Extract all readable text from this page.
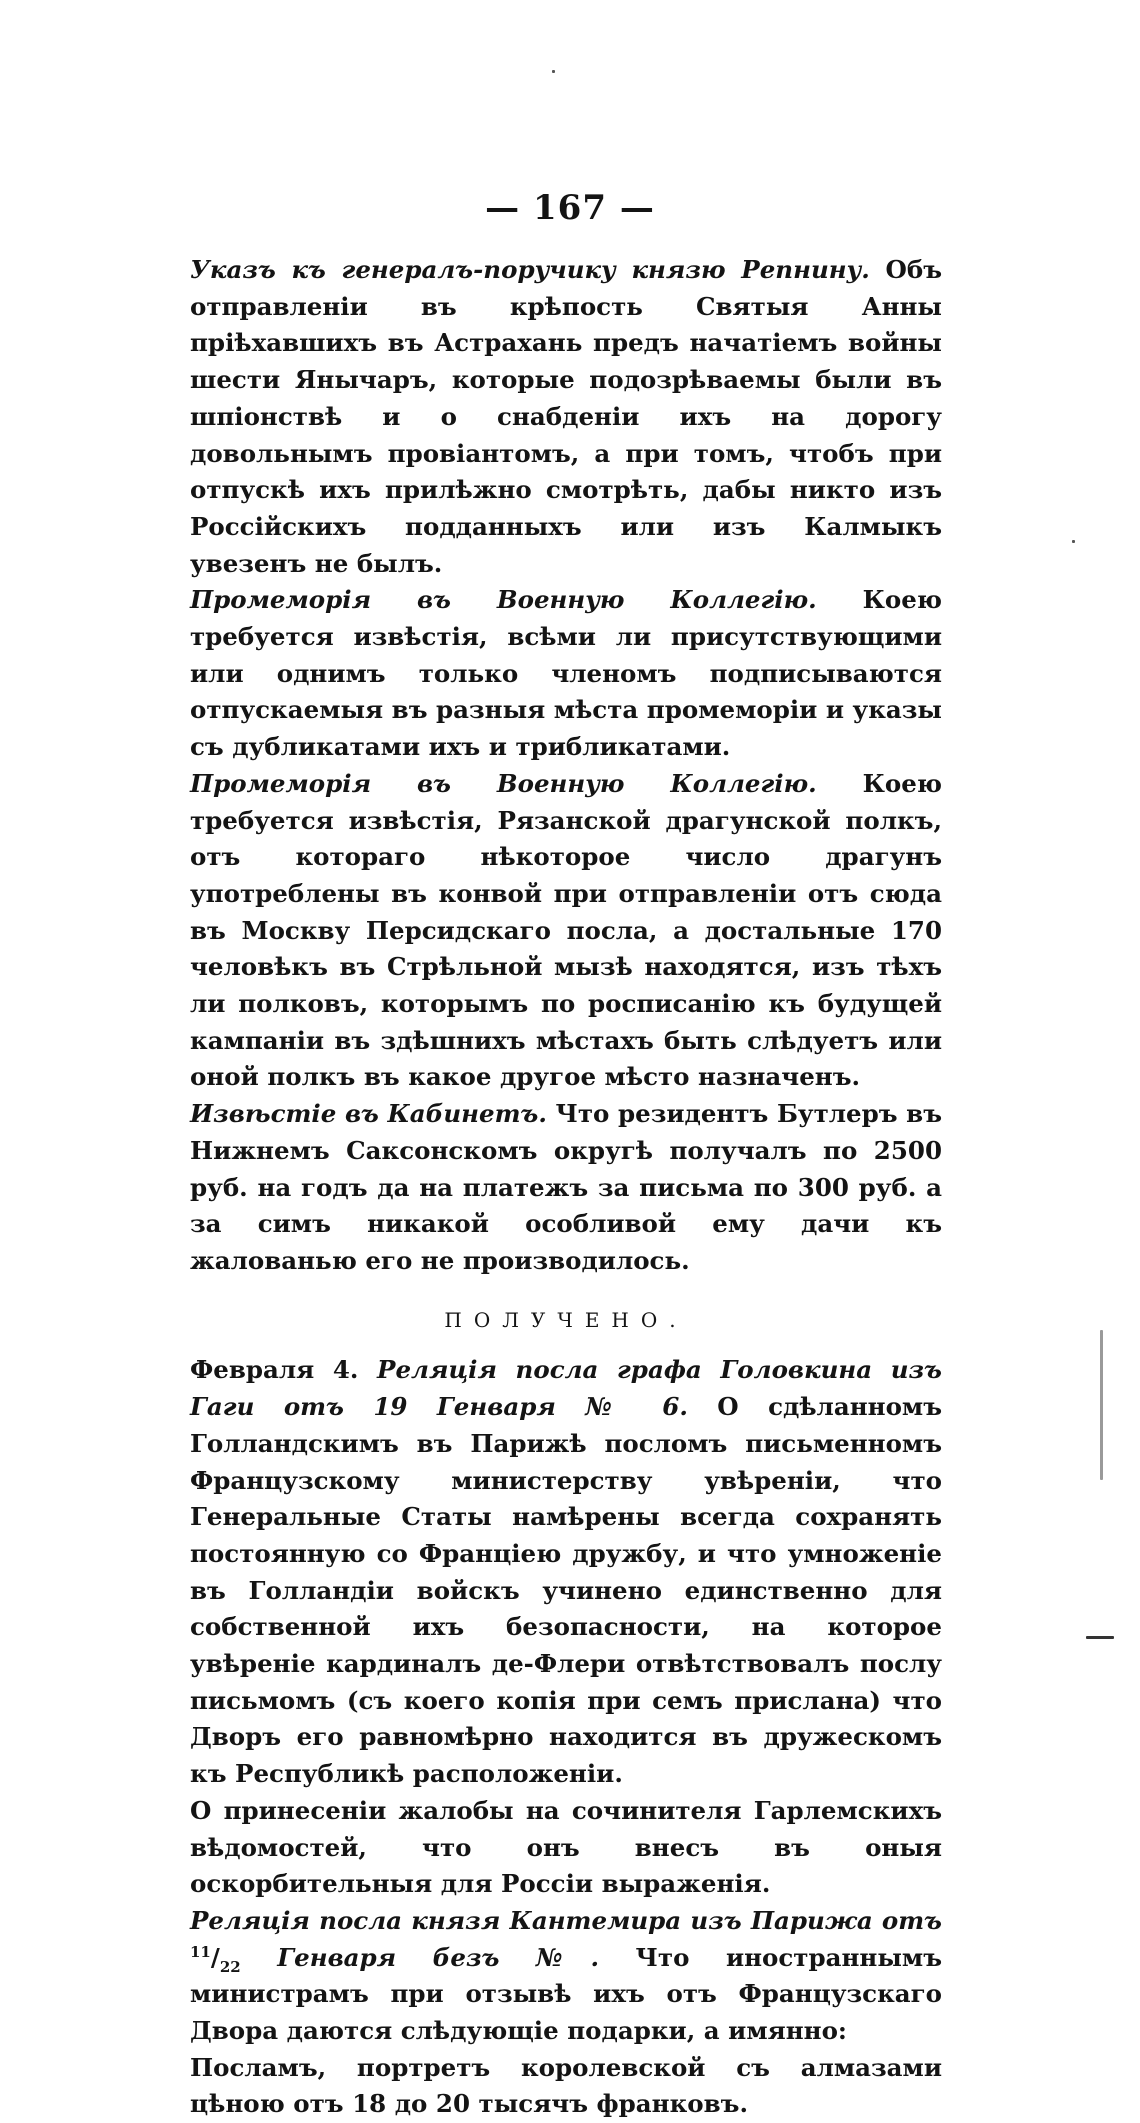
— 167 —

Указъ къ генералъ-поручику князю Репнину. Объ отправленіи въ крѣпость Святыя Анны пріѣхавшихъ въ Астрахань предъ начатіемъ войны шести Янычаръ, которые подозрѣваемы были въ шпіонствѣ и о снабденіи ихъ на дорогу довольнымъ провіантомъ, а при томъ, чтобъ при отпускѣ ихъ прилѣжно смотрѣть, дабы никто изъ Россійскихъ подданныхъ или изъ Калмыкъ увезенъ не былъ.

Промеморія въ Военную Коллегію. Коею требуется извѣстія, всѣми ли присутствующими или однимъ только членомъ подписываются отпускаемыя въ разныя мѣста промеморіи и указы съ дубликатами ихъ и трибликатами.

Промеморія въ Военную Коллегію. Коею требуется извѣстія, Рязанской драгунской полкъ, отъ котораго нѣкоторое число драгунъ употреблены въ конвой при отправленіи отъ сюда въ Москву Персидскаго посла, а достальные 170 человѣкъ въ Стрѣльной мызѣ находятся, изъ тѣхъ ли полковъ, которымъ по росписанію къ будущей кампаніи въ здѣшнихъ мѣстахъ быть слѣдуетъ или оной полкъ въ какое другое мѣсто назначенъ.

Извѣстіе въ Кабинетъ. Что резидентъ Бутлеръ въ Нижнемъ Саксонскомъ округѣ получалъ по 2500 руб. на годъ да на платежъ за письма по 300 руб. а за симъ никакой особливой ему дачи къ жалованью его не производилось.

ПОЛУЧЕНО.

Февраля 4. Реляція посла графа Головкина изъ Гаги отъ 19 Генваря № 6. О сдѣланномъ Голландскимъ въ Парижѣ посломъ письменномъ Французскому министерству увѣреніи, что Генеральные Статы намѣрены всегда сохранять постоянную со Франціею дружбу, и что умноженіе въ Голландіи войскъ учинено единственно для собственной ихъ безопасности, на которое увѣреніе кардиналъ де-Флери отвѣтствовалъ послу письмомъ (съ коего копія при семъ прислана) что Дворъ его равномѣрно находится въ дружескомъ къ Республикѣ расположеніи.

О принесеніи жалобы на сочинителя Гарлемскихъ вѣдомостей, что онъ внесъ въ оныя оскорбительныя для Россіи выраженія.

Реляція посла князя Кантемира изъ Парижа отъ $^{11}/_{22}$ Генваря безъ №. Что иностраннымъ министрамъ при отзывѣ ихъ отъ Французскаго Двора даются слѣдующіе подарки, а имянно:

Посламъ, портретъ королевской съ алмазами цѣною отъ 18 до 20 тысячъ франковъ.
